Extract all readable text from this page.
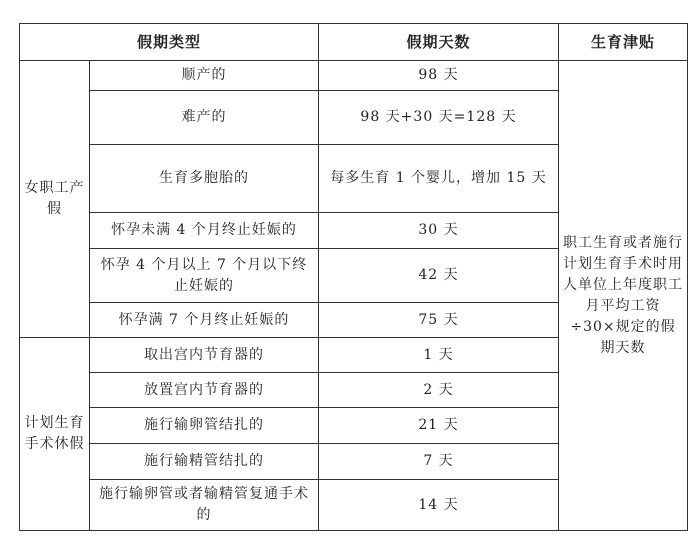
假期类型		假期天数	生育津贴
女职工产假	顺产的	98 天	职工生育或者施行计划生育手术时用人单位上年度职工月平均工资÷30×规定的假期天数
	难产的	98 天+30 天=128 天	
	生育多胞胎的	每多生育 1 个婴儿，增加 15 天	
	怀孕未满 4 个月终止妊娠的	30 天	
	怀孕 4 个月以上 7 个月以下终止妊娠的	42 天	
	怀孕满 7 个月终止妊娠的	75 天	
计划生育手术休假	取出宫内节育器的	1 天	
	放置宫内节育器的	2 天	
	施行输卵管结扎的	21 天	
	施行输精管结扎的	7 天	
	施行输卵管或者输精管复通手术的	14 天	
